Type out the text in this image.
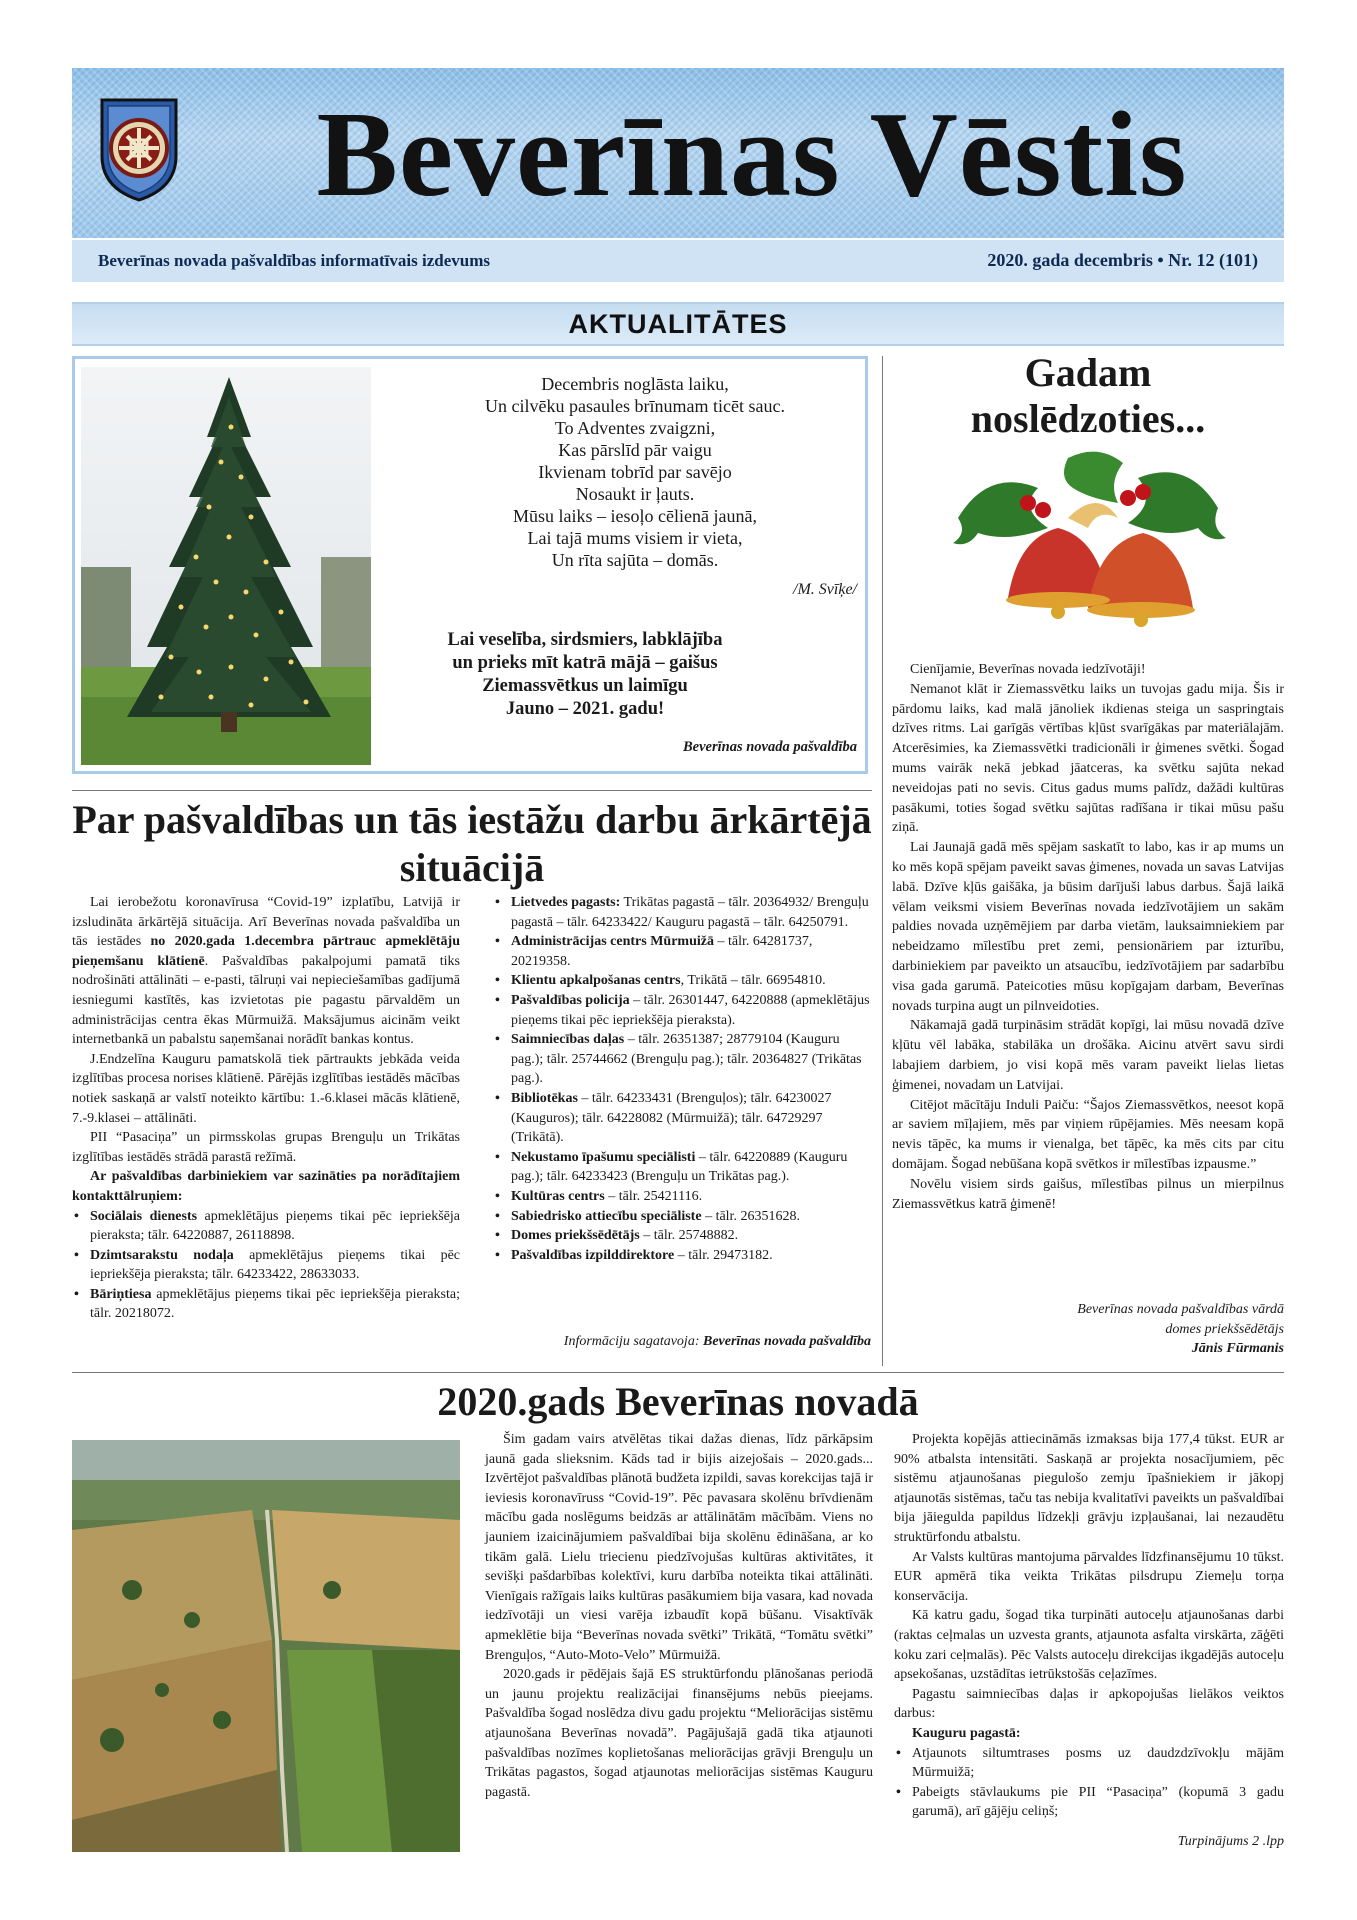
Beverīnas Vēstis
Beverīnas novada pašvaldības informatīvais izdevums	2020. gada decembris • Nr. 12 (101)
AKTUALITĀTES
Decembris noglāsta laiku,
Un cilvēku pasaules brīnumam ticēt sauc.
To Adventes zvaigzni,
Kas pārslīd pār vaigu
Ikvienam tobrīd par savējo
Nosaukt ir ļauts.
Mūsu laiks – iesoļo cēlienā jaunā,
Lai tajā mums visiem ir vieta,
Un rīta sajūta – domās.
/M. Svīķe/
Lai veselība, sirdsmiers, labklājība
un prieks mīt katrā mājā – gaišus
Ziemassvētkus un laimīgu
Jauno – 2021. gadu!
Beverīnas novada pašvaldība
Gadam
noslēdzoties...

Cienījamie, Beverīnas novada iedzīvotāji!

Nemanot klāt ir Ziemassvētku laiks un tuvojas gadu mija. Šis ir pārdomu laiks, kad malā jānoliek ikdienas steiga un saspringtais dzīves ritms. Lai garīgās vērtības kļūst svarīgākas par materiālajām. Atcerēsimies, ka Ziemassvētki tradicionāli ir ģimenes svētki. Šogad mums vairāk nekā jebkad jāatceras, ka svētku sajūta nekad neveidojas pati no sevis. Citus gadus mums palīdz, dažādi kultūras pasākumi, toties šogad svētku sajūtas radīšana ir tikai mūsu pašu ziņā.

Lai Jaunajā gadā mēs spējam saskatīt to labo, kas ir ap mums un ko mēs kopā spējam paveikt savas ģimenes, novada un savas Latvijas labā. Dzīve kļūs gaišāka, ja būsim darījuši labus darbus. Šajā laikā vēlam veiksmi visiem Beverīnas novada iedzīvotājiem un sakām paldies novada uzņēmējiem par darba vietām, lauksaimniekiem par nebeidzamo mīlestību pret zemi, pensionāriem par izturību, darbiniekiem par paveikto un atsaucību, iedzīvotājiem par sadarbību visa gada garumā. Pateicoties mūsu kopīgajam darbam, Beverīnas novads turpina augt un pilnveidoties.

Nākamajā gadā turpināsim strādāt kopīgi, lai mūsu novadā dzīve kļūtu vēl labāka, stabilāka un drošāka. Aicinu atvērt savu sirdi labajiem darbiem, jo visi kopā mēs varam paveikt lielas lietas ģimenei, novadam un Latvijai.

Citējot mācītāju Induli Paiču: “Šajos Ziemassvētkos, neesot kopā ar saviem mīļajiem, mēs par viņiem rūpējamies. Mēs neesam kopā nevis tāpēc, ka mums ir vienalga, bet tāpēc, ka mēs cits par citu domājam. Šogad nebūšana kopā svētkos ir mīlestības izpausme.”

Novēlu visiem sirds gaišus, mīlestības pilnus un mierpilnus Ziemassvētkus katrā ģimenē!

Beverīnas novada pašvaldības vārdā
domes priekšsēdētājs
Jānis Fūrmanis
Par pašvaldības un tās iestāžu darbu ārkārtējā situācijā

Lai ierobežotu koronavīrusa “Covid-19” izplatību, Latvijā ir izsludināta ārkārtējā situācija. Arī Beverīnas novada pašvaldība un tās iestādes no 2020.gada 1.decembra pārtrauc apmeklētāju pieņemšanu klātienē. Pašvaldības pakalpojumi pamatā tiks nodrošināti attālināti – e-pasti, tālruņi vai nepieciešamības gadījumā iesniegumi kastītēs, kas izvietotas pie pagastu pārvaldēm un administrācijas centra ēkas Mūrmuižā. Maksājumus aicinām veikt internetbankā un pabalstu saņemšanai norādīt bankas kontus.

J.Endzelīna Kauguru pamatskolā tiek pārtraukts jebkāda veida izglītības procesa norises klātienē. Pārējās izglītības iestādēs mācības notiek saskaņā ar valstī noteikto kārtību: 1.-6.klasei mācās klātienē, 7.-9.klasei – attālināti.

PII “Pasaciņa” un pirmsskolas grupas Brenguļu un Trikātas izglītības iestādēs strādā parastā režīmā.

Ar pašvaldības darbiniekiem var sazināties pa norādītajiem kontakttālruņiem:

• Sociālais dienests apmeklētājus pieņems tikai pēc iepriekšēja pieraksta; tālr. 64220887, 26118898.
• Dzimtsarakstu nodaļa apmeklētājus pieņems tikai pēc iepriekšēja pieraksta; tālr. 64233422, 28633033.
• Bāriņtiesa apmeklētājus pieņems tikai pēc iepriekšēja pieraksta; tālr. 20218072.
• Lietvedes pagasts: Trikātas pagastā – tālr. 20364932/ Brenguļu pagastā – tālr. 64233422/ Kauguru pagastā – tālr. 64250791.
• Administrācijas centrs Mūrmuižā – tālr. 64281737, 20219358.
• Klientu apkalpošanas centrs, Trikātā – tālr. 66954810.
• Pašvaldības policija – tālr. 26301447, 64220888 (apmeklētājus pieņems tikai pēc iepriekšēja pieraksta).
• Saimniecības daļas – tālr. 26351387; 28779104 (Kauguru pag.); tālr. 25744662 (Brenguļu pag.); tālr. 20364827 (Trikātas pag.).
• Bibliotēkas – tālr. 64233431 (Brenguļos); tālr. 64230027 (Kauguros); tālr. 64228082 (Mūrmuižā); tālr. 64729297 (Trikātā).
• Nekustamo īpašumu speciālisti – tālr. 64220889 (Kauguru pag.); tālr. 64233423 (Brenguļu un Trikātas pag.).
• Kultūras centrs – tālr. 25421116.
• Sabiedrisko attiecību speciāliste – tālr. 26351628.
• Domes priekšsēdētājs – tālr. 25748882.
• Pašvaldības izpilddirektore – tālr. 29473182.
Informāciju sagatavoja: Beverīnas novada pašvaldība
2020.gads Beverīnas novadā

Šim gadam vairs atvēlētas tikai dažas dienas, līdz pārkāpsim jaunā gada slieksnim. Kāds tad ir bijis aizejošais – 2020.gads... Izvērtējot pašvaldības plānotā budžeta izpildi, savas korekcijas tajā ir ieviesis koronavīruss “Covid-19”. Pēc pavasara skolēnu brīvdienām mācību gada noslēgums beidzās ar attālinātām mācībām. Viens no jauniem izaicinājumiem pašvaldībai bija skolēnu ēdināšana, ar ko tikām galā. Lielu triecienu piedzīvojušas kultūras aktivitātes, it sevišķi pašdarbības kolektīvi, kuru darbība noteikta tikai attālināti. Vienīgais ražīgais laiks kultūras pasākumiem bija vasara, kad novada iedzīvotāji un viesi varēja izbaudīt kopā būšanu. Visaktīvāk apmeklētie bija “Beverīnas novada svētki” Trikātā, “Tomātu svētki” Brenguļos, “Auto-Moto-Velo” Mūrmuižā.

2020.gads ir pēdējais šajā ES struktūrfondu plānošanas periodā un jaunu projektu realizācijai finansējums nebūs pieejams. Pašvaldība šogad noslēdza divu gadu projektu “Meliorācijas sistēmu atjaunošana Beverīnas novadā”. Pagājušajā gadā tika atjaunoti pašvaldības nozīmes koplietošanas meliorācijas grāvji Brenguļu un Trikātas pagastos, šogad atjaunotas meliorācijas sistēmas Kauguru pagastā.

Projekta kopējās attiecināmās izmaksas bija 177,4 tūkst. EUR ar 90% atbalsta intensitāti. Saskaņā ar projekta nosacījumiem, pēc sistēmu atjaunošanas piegulošo zemju īpašniekiem ir jākopj atjaunotās sistēmas, taču tas nebija kvalitatīvi paveikts un pašvaldībai bija jāiegulda papildus līdzekļi grāvju izpļaušanai, lai nezaudētu struktūrfondu atbalstu.

Ar Valsts kultūras mantojuma pārvaldes līdzfinansējumu 10 tūkst. EUR apmērā tika veikta Trikātas pilsdrupu Ziemeļu torņa konservācija.

Kā katru gadu, šogad tika turpināti autoceļu atjaunošanas darbi (raktas ceļmalas un uzvesta grants, atjaunota asfalta virskārta, zāģēti koku zari ceļmalās). Pēc Valsts autoceļu direkcijas ikgadējās autoceļu apsekošanas, uzstādītas ietrūkstošās ceļazīmes.

Pagastu saimniecības daļas ir apkopojušas lielākos veiktos darbus:

Kauguru pagastā:

• Atjaunots siltumtrases posms uz daudzdzīvokļu mājām Mūrmuižā;
• Pabeigts stāvlaukums pie PII “Pasaciņa” (kopumā 3 gadu garumā), arī gājēju celiņš;
Turpinājums 2 .lpp
